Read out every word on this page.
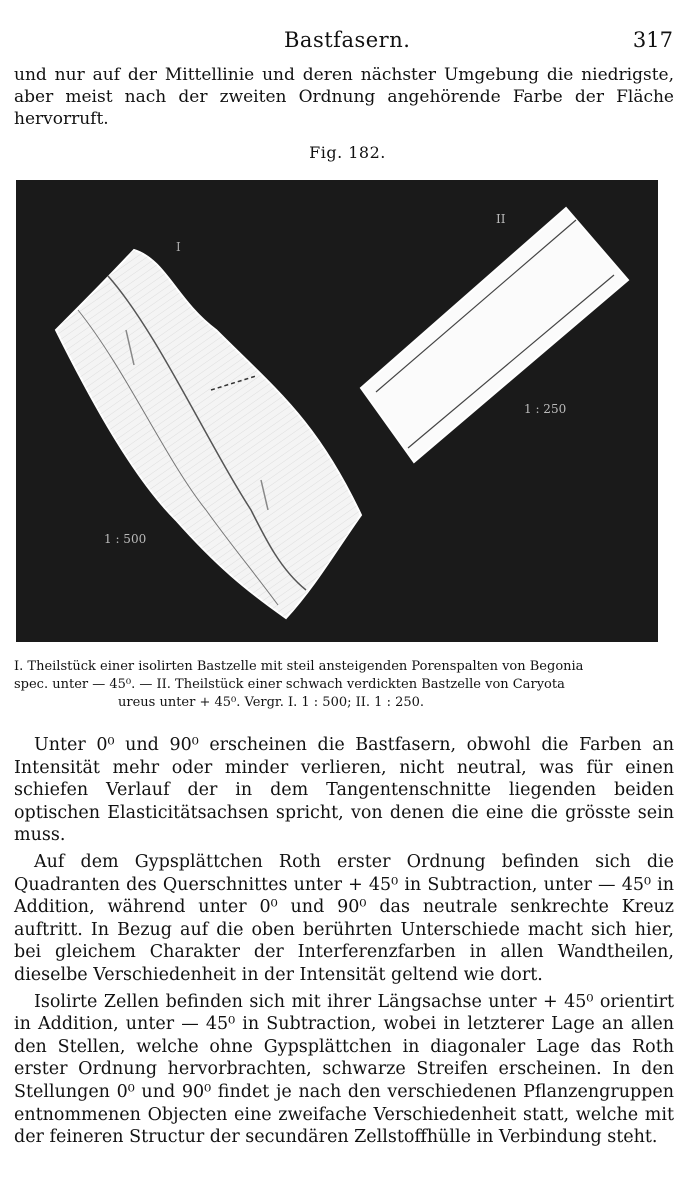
Bastfasern.	317

und nur auf der Mittellinie und deren nächster Umgebung die niedrigste, aber meist nach der zweiten Ordnung angehörende Farbe der Fläche hervorruft.

Fig. 182.
I
II
1 : 500
1 : 250
I. Theilstück einer isolirten Bastzelle mit steil ansteigenden Porenspalten von Begonia
spec. unter — 45⁰. — II. Theilstück einer schwach verdickten Bastzelle von Caryota
ureus unter + 45⁰. Vergr. I. 1 : 500; II. 1 : 250.

Unter 0⁰ und 90⁰ erscheinen die Bastfasern, obwohl die Farben an Intensität mehr oder minder verlieren, nicht neutral, was für einen schiefen Verlauf der in dem Tangentenschnitte liegenden beiden optischen Elasticitätsachsen spricht, von denen die eine die grösste sein muss.

Auf dem Gypsplättchen Roth erster Ordnung befinden sich die Quadranten des Querschnittes unter + 45⁰ in Subtraction, unter — 45⁰ in Addition, während unter 0⁰ und 90⁰ das neutrale senkrechte Kreuz auftritt. In Bezug auf die oben berührten Unterschiede macht sich hier, bei gleichem Charakter der Interferenzfarben in allen Wandtheilen, dieselbe Verschiedenheit in der Intensität geltend wie dort.

Isolirte Zellen befinden sich mit ihrer Längsachse unter + 45⁰ orientirt in Addition, unter — 45⁰ in Subtraction, wobei in letzterer Lage an allen den Stellen, welche ohne Gypsplättchen in diagonaler Lage das Roth erster Ordnung hervorbrachten, schwarze Streifen erscheinen. In den Stellungen 0⁰ und 90⁰ findet je nach den verschiedenen Pflanzengruppen entnommenen Objecten eine zweifache Verschiedenheit statt, welche mit der feineren Structur der secundären Zellstoffhülle in Verbindung steht.
